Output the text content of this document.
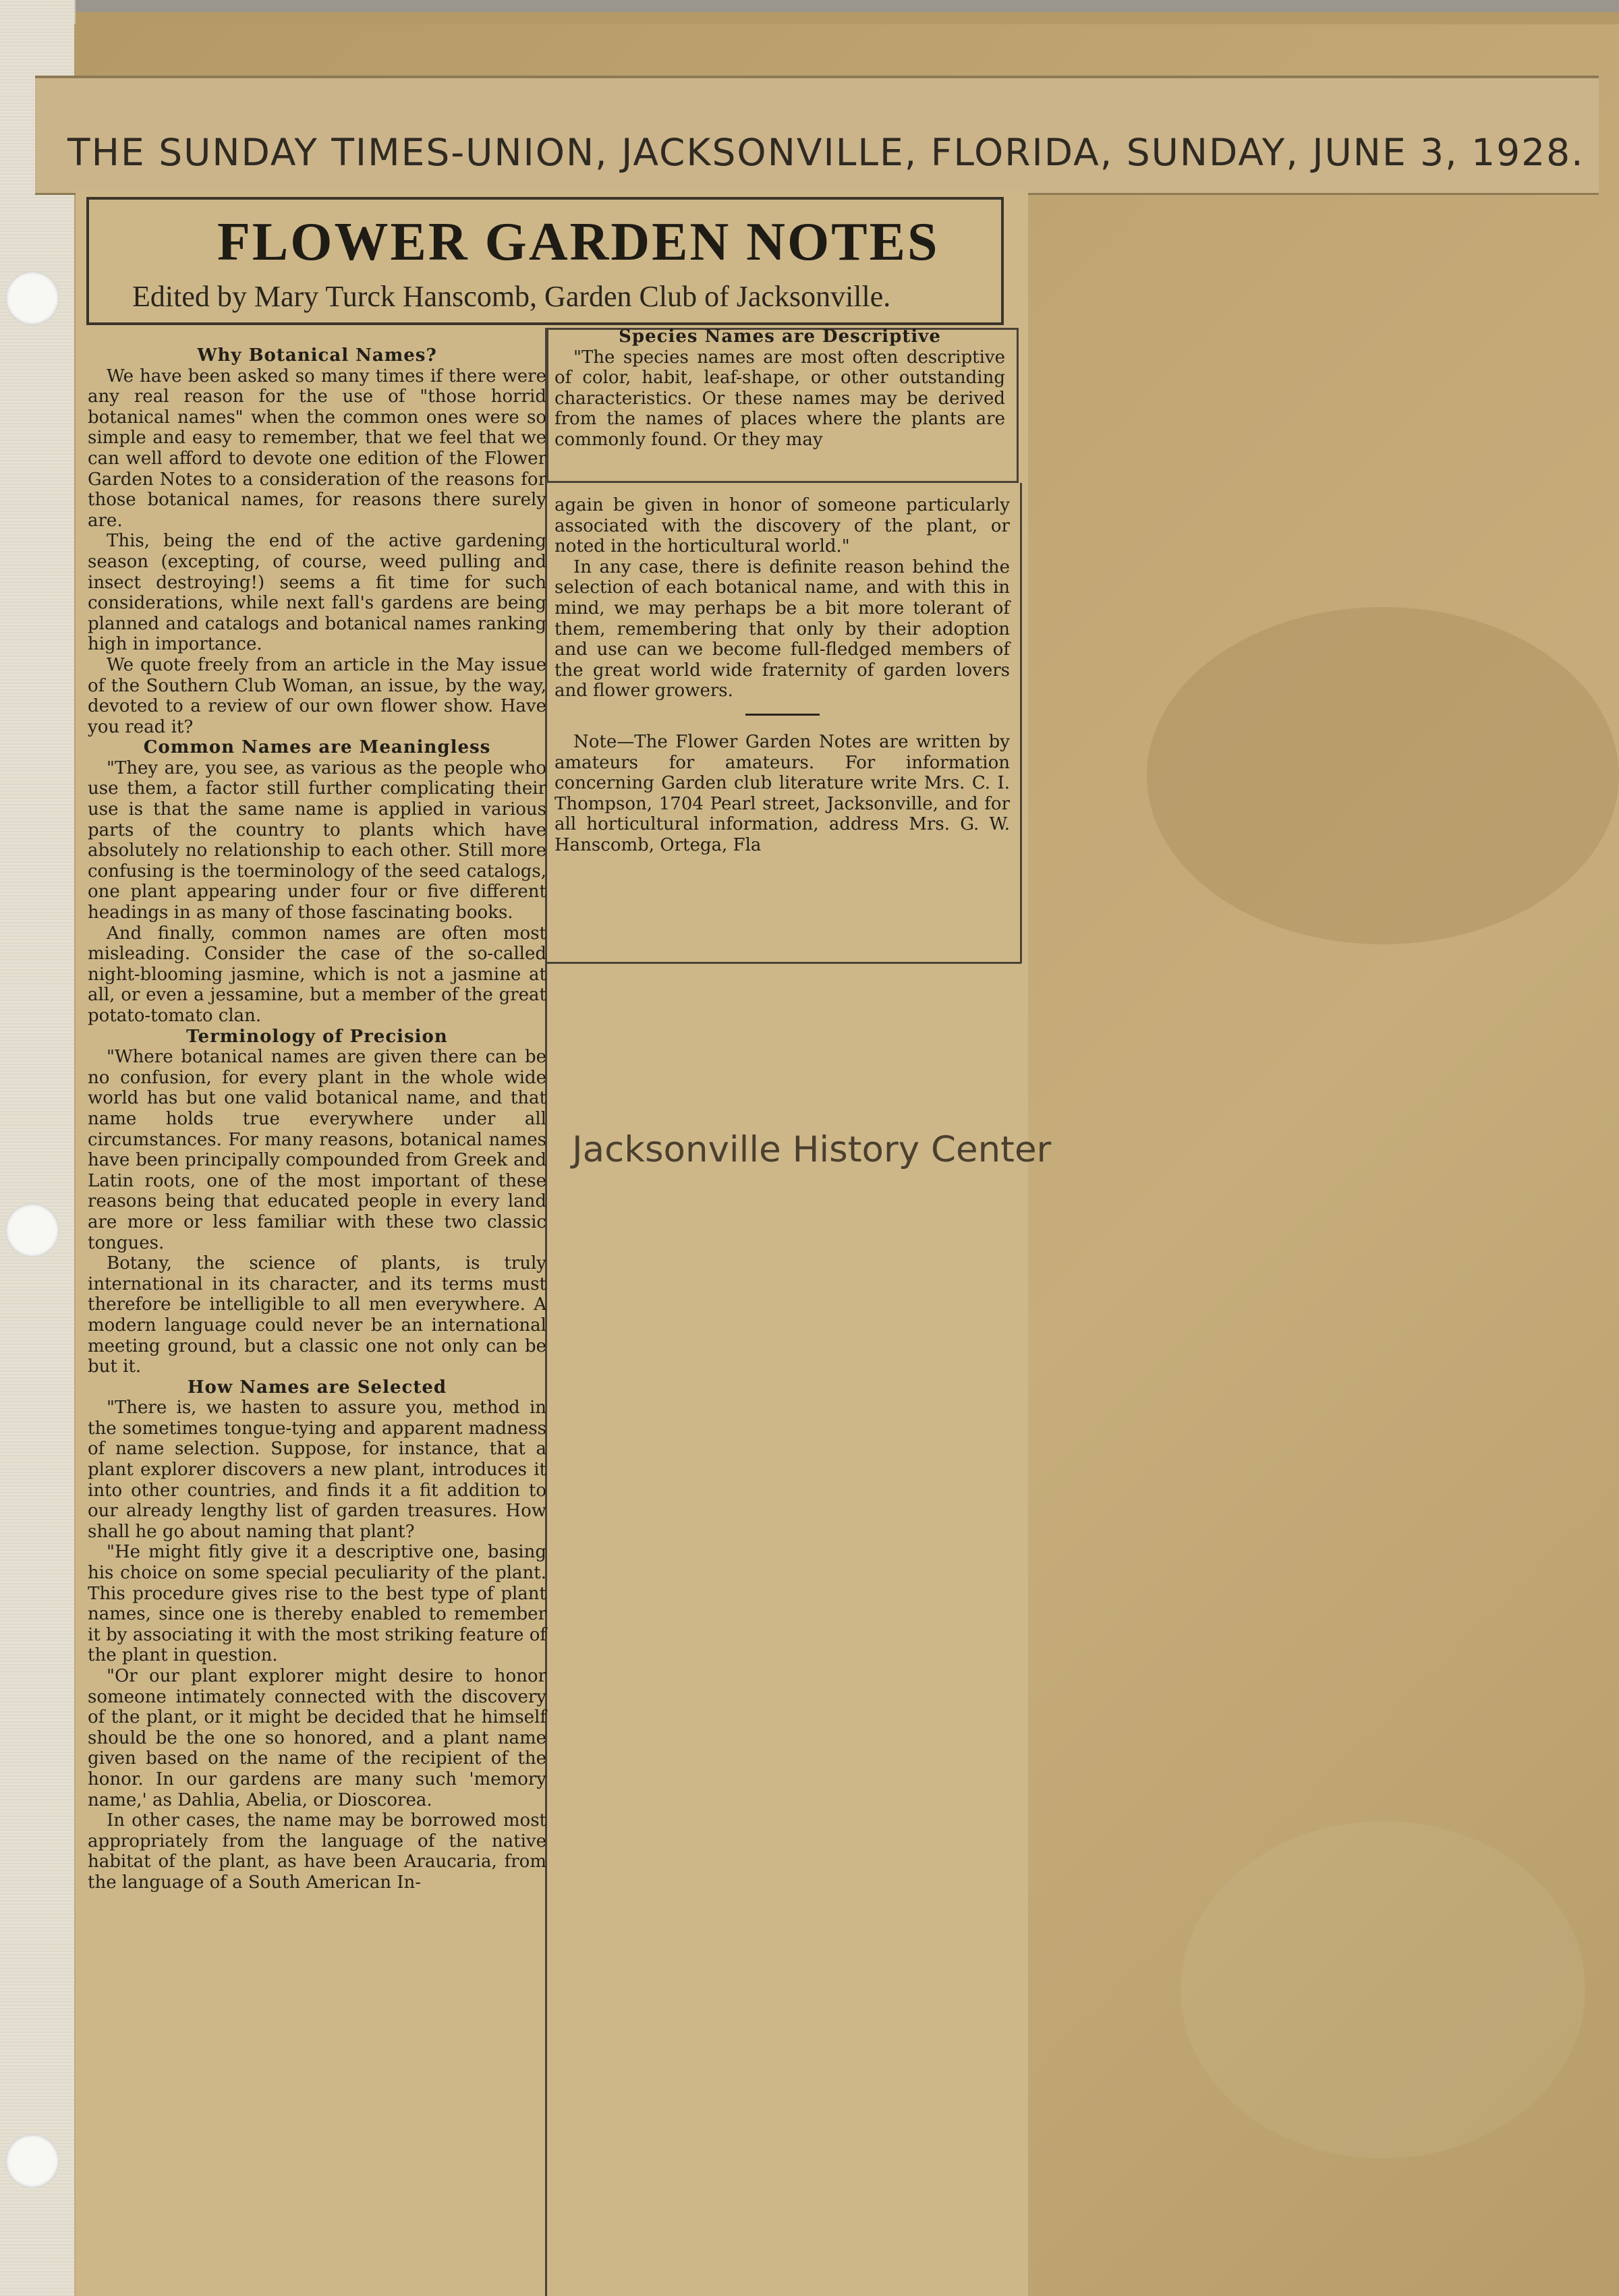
THE SUNDAY TIMES-UNION, JACKSONVILLE, FLORIDA, SUNDAY, JUNE 3, 1928.
FLOWER GARDEN NOTES
Edited by Mary Turck Hanscomb, Garden Club of Jacksonville.
Why Botanical Names?

We have been asked so many times if there were any real reason for the use of "those horrid botanical names" when the common ones were so simple and easy to remember, that we feel that we can well afford to devote one edition of the Flower Garden Notes to a consideration of the reasons for those botanical names, for reasons there surely are.

This, being the end of the active gardening season (excepting, of course, weed pulling and insect destroying!) seems a fit time for such considerations, while next fall's gardens are being planned and catalogs and botanical names ranking high in importance.

We quote freely from an article in the May issue of the Southern Club Woman, an issue, by the way, devoted to a review of our own flower show. Have you read it?

Common Names are Meaningless

"They are, you see, as various as the people who use them, a factor still further complicating their use is that the same name is applied in various parts of the country to plants which have absolutely no relationship to each other. Still more confusing is the toerminology of the seed catalogs, one plant appearing under four or five different headings in as many of those fascinating books.

And finally, common names are often most misleading. Consider the case of the so-called night-blooming jasmine, which is not a jasmine at all, or even a jessamine, but a member of the great potato-tomato clan.

Terminology of Precision

"Where botanical names are given there can be no confusion, for every plant in the whole wide world has but one valid botanical name, and that name holds true everywhere under all circumstances. For many reasons, botanical names have been principally compounded from Greek and Latin roots, one of the most important of these reasons being that educated people in every land are more or less familiar with these two classic tongues.

Botany, the science of plants, is truly international in its character, and its terms must therefore be intelligible to all men everywhere. A modern language could never be an international meeting ground, but a classic one not only can be but it.

How Names are Selected

"There is, we hasten to assure you, method in the sometimes tongue-tying and apparent madness of name selection. Suppose, for instance, that a plant explorer discovers a new plant, introduces it into other countries, and finds it a fit addition to our already lengthy list of garden treasures. How shall he go about naming that plant?

"He might fitly give it a descriptive one, basing his choice on some special peculiarity of the plant. This procedure gives rise to the best type of plant names, since one is thereby enabled to remember it by associating it with the most striking feature of the plant in question.

"Or our plant explorer might desire to honor someone intimately connected with the discovery of the plant, or it might be decided that he himself should be the one so honored, and a plant name given based on the name of the recipient of the honor. In our gardens are many such 'memory name,' as Dahlia, Abelia, or Dioscorea.

In other cases, the name may be borrowed most appropriately from the language of the native habitat of the plant, as have been Araucaria, from the language of a South American In-

Species Names are Descriptive

"The species names are most often descriptive of color, habit, leaf-shape, or other outstanding characteristics. Or these names may be derived from the names of places where the plants are commonly found. Or they may

again be given in honor of someone particularly associated with the discovery of the plant, or noted in the horticultural world."

In any case, there is definite reason behind the selection of each botanical name, and with this in mind, we may perhaps be a bit more tolerant of them, remembering that only by their adoption and use can we become full-fledged members of the great world wide fraternity of garden lovers and flower growers.

Note—The Flower Garden Notes are written by amateurs for amateurs. For information concerning Garden club literature write Mrs. C. I. Thompson, 1704 Pearl street, Jacksonville, and for all horticultural information, address Mrs. G. W. Hanscomb, Ortega, Fla

Jacksonville History Center
